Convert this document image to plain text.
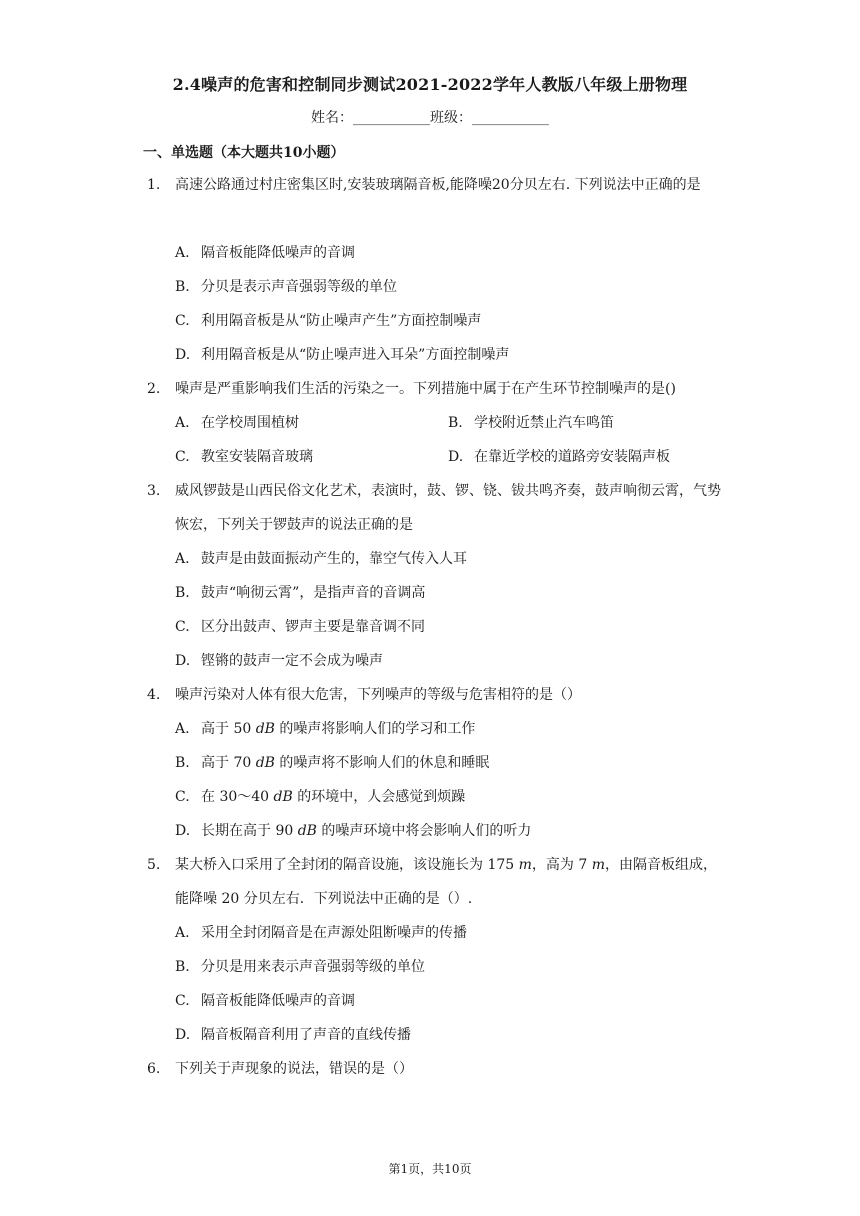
2.4噪声的危害和控制同步测试2021-2022学年人教版八年级上册物理
姓名：___________班级：___________
一、单选题（本大题共10小题）
1. 高速公路通过村庄密集区时,安装玻璃隔音板,能降噪20分贝左右. 下列说法中正确的是
A. 隔音板能降低噪声的音调
B. 分贝是表示声音强弱等级的单位
C. 利用隔音板是从“防止噪声产生”方面控制噪声
D. 利用隔音板是从“防止噪声进入耳朵”方面控制噪声
2. 噪声是严重影响我们生活的污染之一。下列措施中属于在产生环节控制噪声的是()
A. 在学校周围植树	B. 学校附近禁止汽车鸣笛
C. 教室安装隔音玻璃	D. 在靠近学校的道路旁安装隔声板
3. 威风锣鼓是山西民俗文化艺术，表演时，鼓、锣、铙、钹共鸣齐奏，鼓声响彻云霄，气势恢宏，下列关于锣鼓声的说法正确的是
A. 鼓声是由鼓面振动产生的，靠空气传入人耳
B. 鼓声“响彻云霄”，是指声音的音调高
C. 区分出鼓声、锣声主要是靠音调不同
D. 铿锵的鼓声一定不会成为噪声
4. 噪声污染对人体有很大危害，下列噪声的等级与危害相符的是（）
A. 高于 50 dB 的噪声将影响人们的学习和工作
B. 高于 70 dB 的噪声将不影响人们的休息和睡眠
C. 在 30～40 dB 的环境中，人会感觉到烦躁
D. 长期在高于 90 dB 的噪声环境中将会影响人们的听力
5. 某大桥入口采用了全封闭的隔音设施，该设施长为 175 m，高为 7 m，由隔音板组成，能降噪 20 分贝左右．下列说法中正确的是（）.
A. 采用全封闭隔音是在声源处阻断噪声的传播
B. 分贝是用来表示声音强弱等级的单位
C. 隔音板能降低噪声的音调
D. 隔音板隔音利用了声音的直线传播
6. 下列关于声现象的说法，错误的是（）
第1页，共10页
